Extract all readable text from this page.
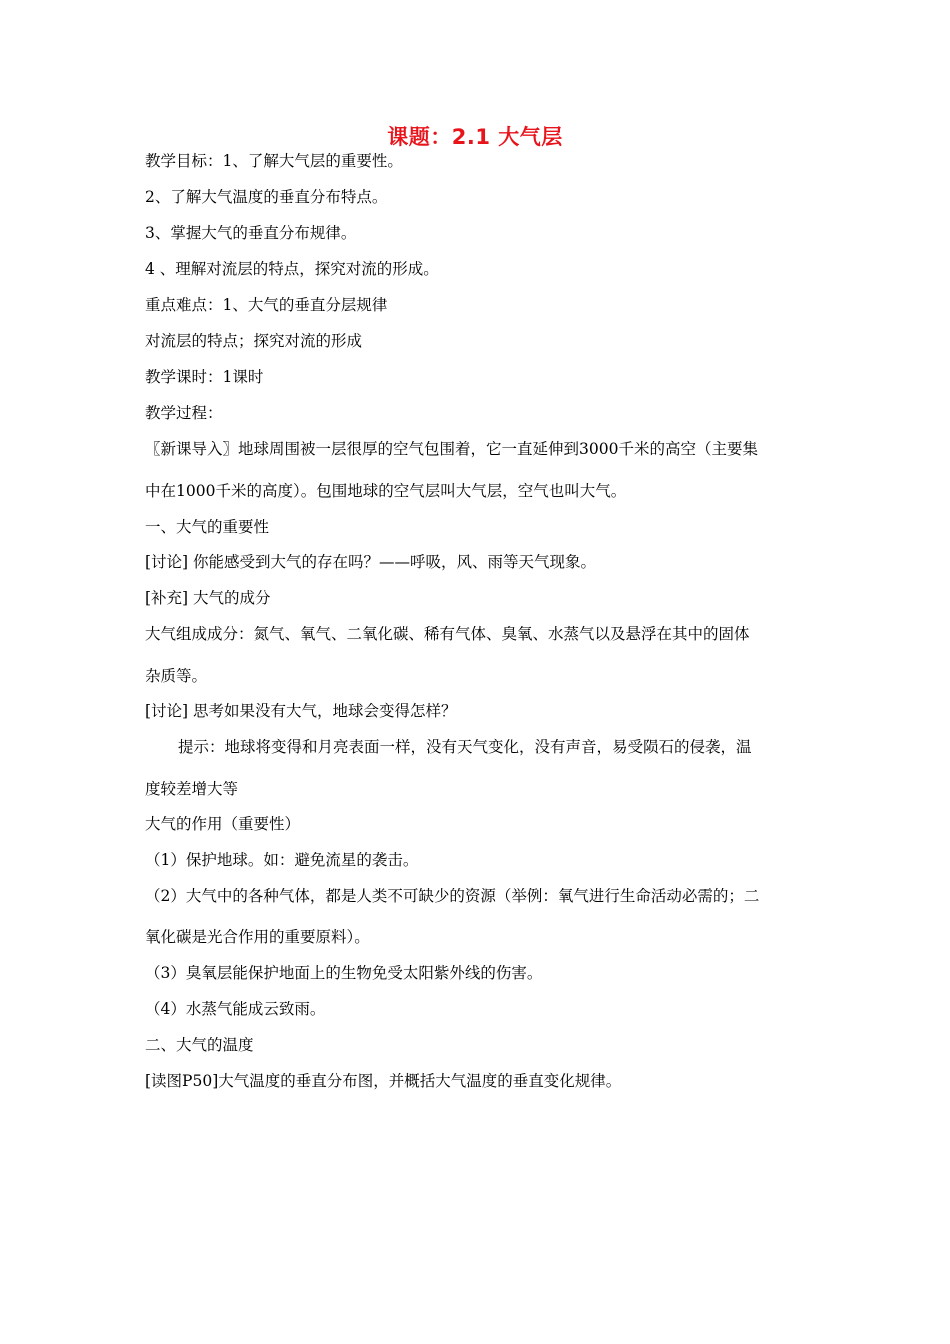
课题：2.1 大气层
教学目标：1、了解大气层的重要性。
2、了解大气温度的垂直分布特点。
3、掌握大气的垂直分布规律。
4 、理解对流层的特点，探究对流的形成。
重点难点：1、大气的垂直分层规律
对流层的特点；探究对流的形成
教学课时：1课时
教学过程：
〖新课导入〗地球周围被一层很厚的空气包围着，它一直延伸到3000千米的高空（主要集
中在1000千米的高度）。包围地球的空气层叫大气层，空气也叫大气。
一、大气的重要性
[讨论] 你能感受到大气的存在吗？——呼吸，风、雨等天气现象。
[补充] 大气的成分
大气组成成分：氮气、氧气、二氧化碳、稀有气体、臭氧、水蒸气以及悬浮在其中的固体
杂质等。
[讨论] 思考如果没有大气，地球会变得怎样？
提示：地球将变得和月亮表面一样，没有天气变化，没有声音，易受陨石的侵袭，温
度较差增大等
大气的作用（重要性）
（1）保护地球。如：避免流星的袭击。
（2）大气中的各种气体，都是人类不可缺少的资源（举例：氧气进行生命活动必需的；二
氧化碳是光合作用的重要原料）。
（3）臭氧层能保护地面上的生物免受太阳紫外线的伤害。
（4）水蒸气能成云致雨。
二、大气的温度
[读图P50]大气温度的垂直分布图，并概括大气温度的垂直变化规律。
